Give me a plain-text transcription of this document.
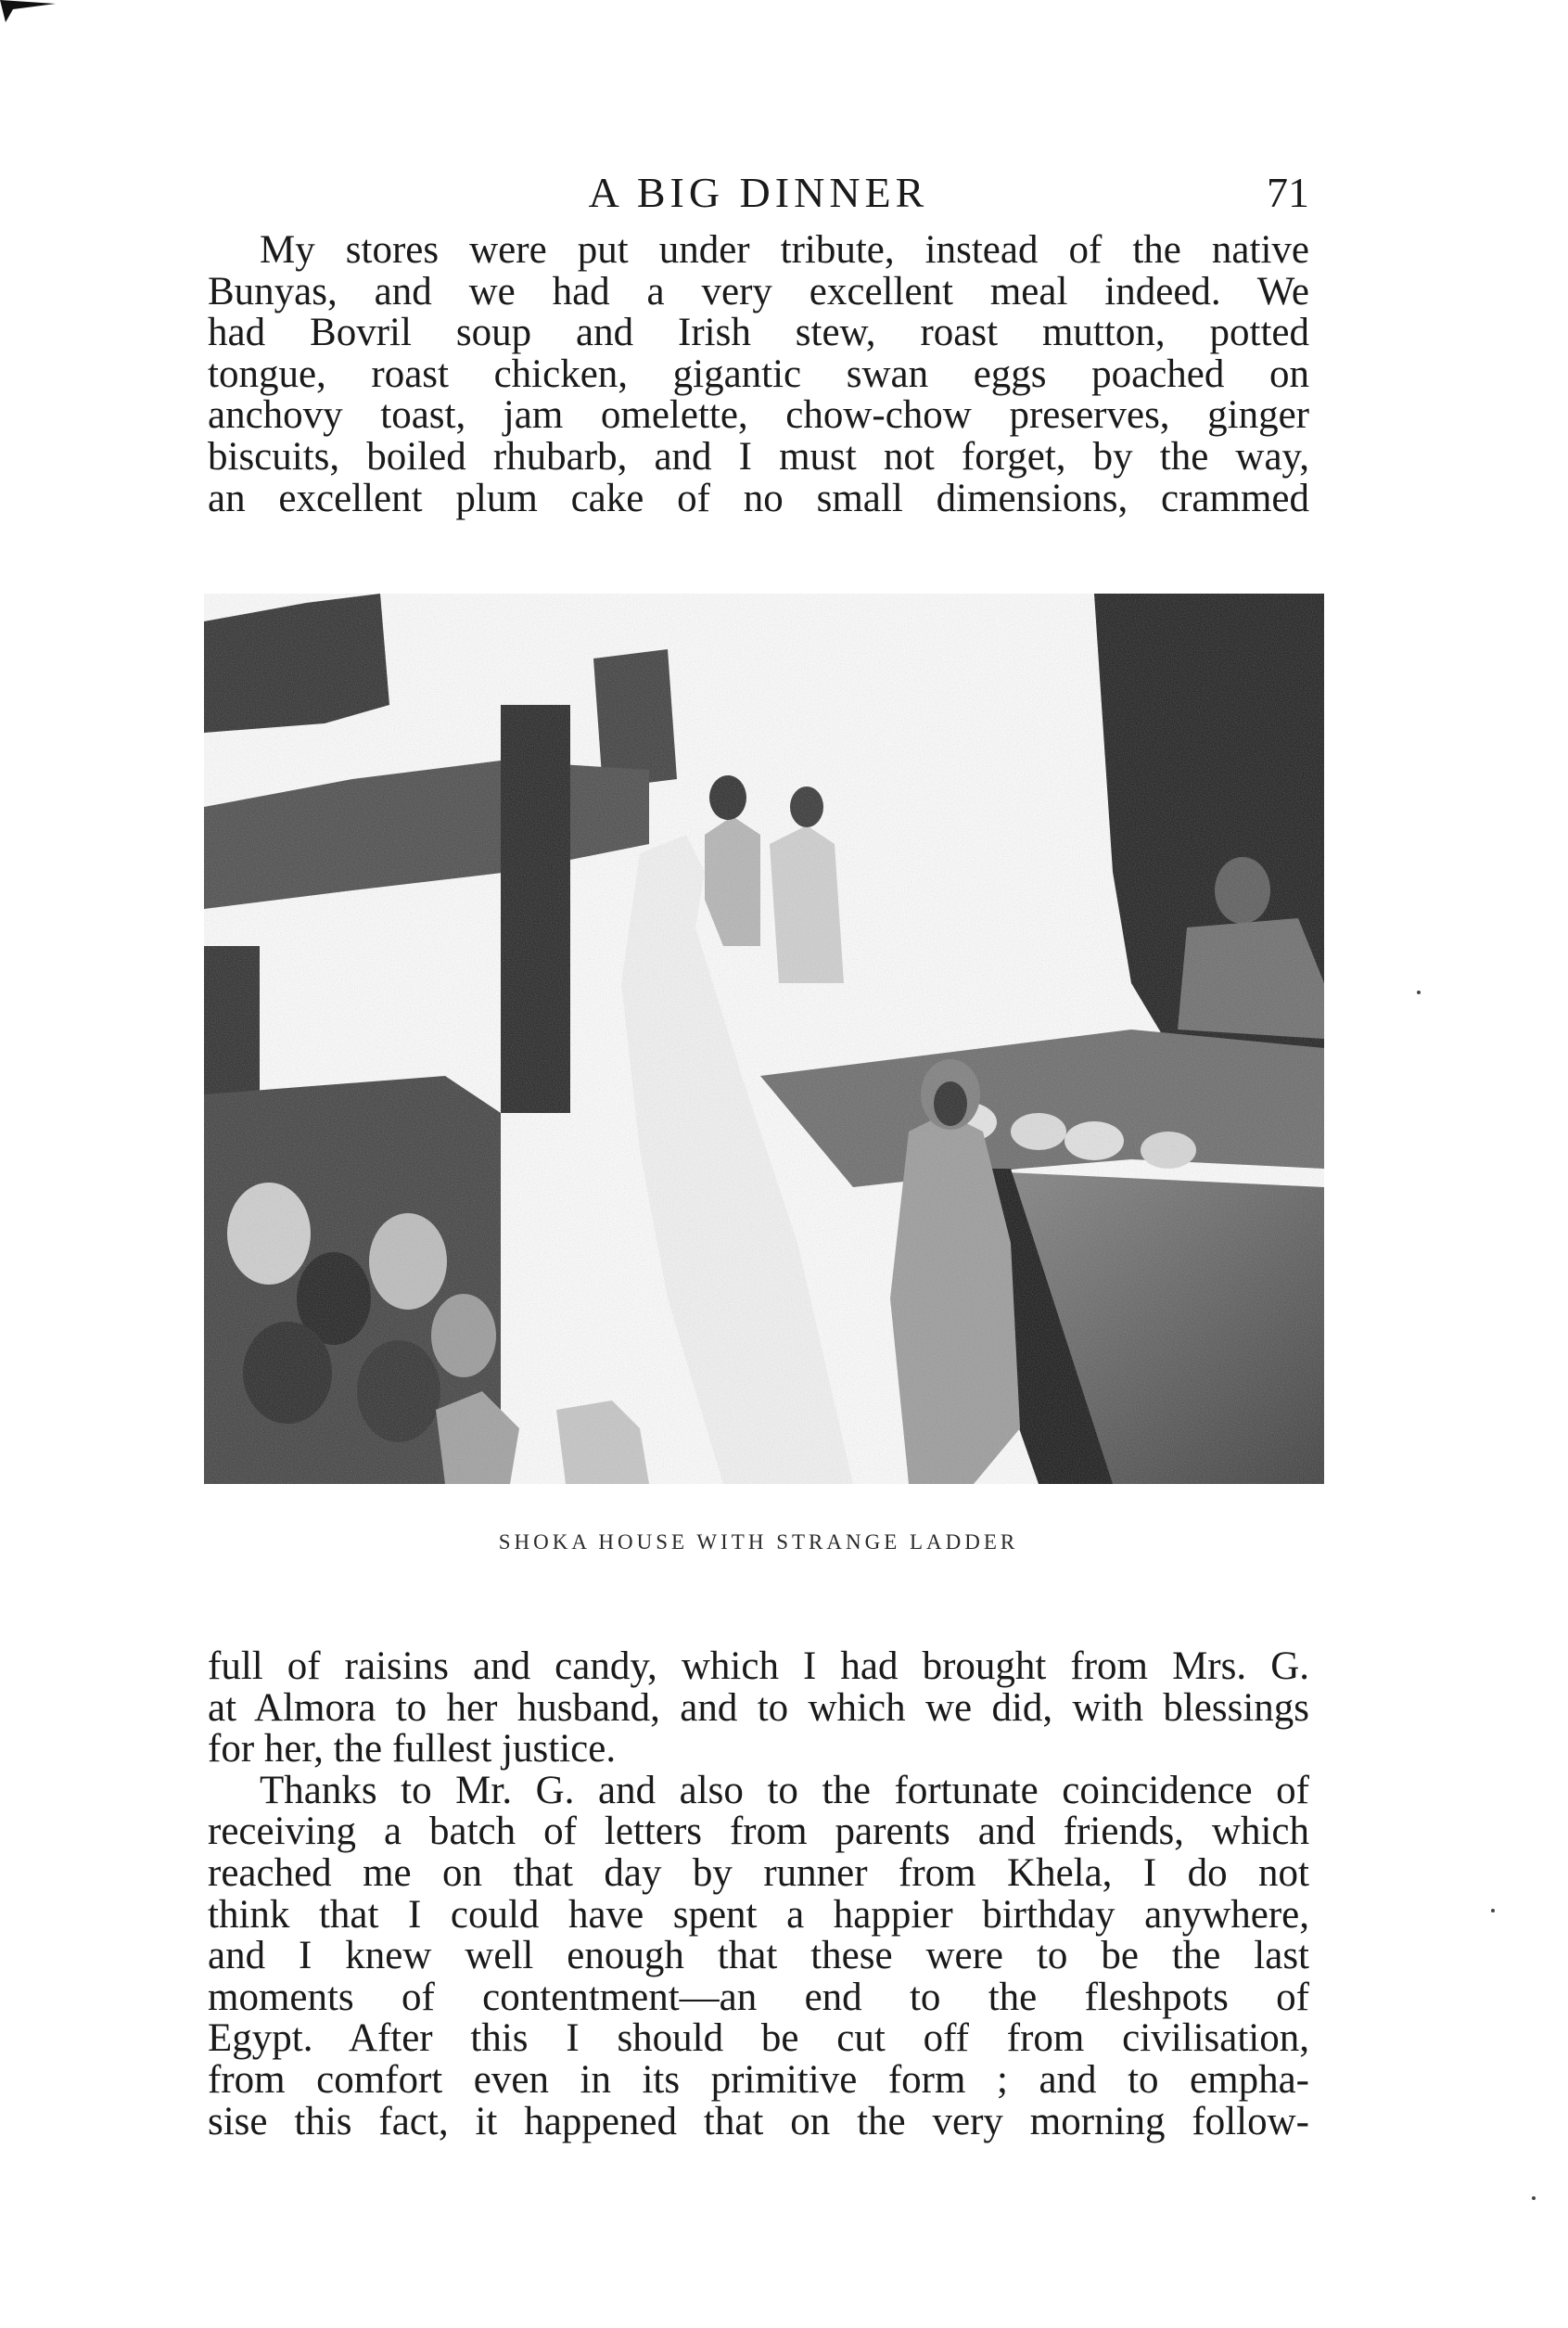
A BIG DINNER	71
My stores were put under tribute, instead of the native
Bunyas, and we had a very excellent meal indeed. We
had Bovril soup and Irish stew, roast mutton, potted
tongue, roast chicken, gigantic swan eggs poached on
anchovy toast, jam omelette, chow-chow preserves, ginger
biscuits, boiled rhubarb, and I must not forget, by the way,
an excellent plum cake of no small dimensions, crammed
SHOKA HOUSE WITH STRANGE LADDER
full of raisins and candy, which I had brought from Mrs. G.
at Almora to her husband, and to which we did, with blessings
for her, the fullest justice.
Thanks to Mr. G. and also to the fortunate coincidence of
receiving a batch of letters from parents and friends, which
reached me on that day by runner from Khela, I do not
think that I could have spent a happier birthday anywhere,
and I knew well enough that these were to be the last
moments of contentment—an end to the fleshpots of
Egypt. After this I should be cut off from civilisation,
from comfort even in its primitive form ; and to empha-
sise this fact, it happened that on the very morning follow-
